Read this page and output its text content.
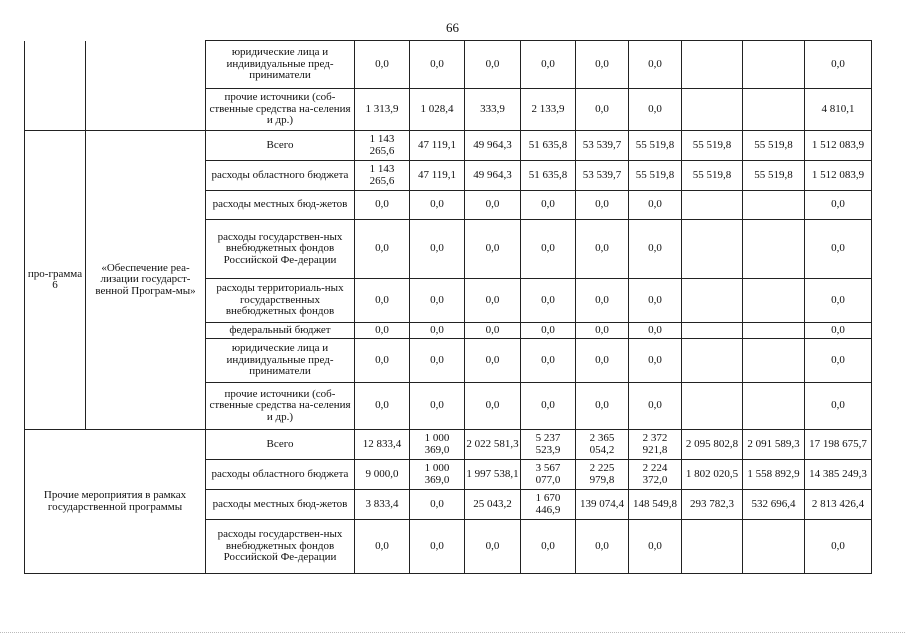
66
		юридические лица и индивидуальные пред-приниматели	0,0	0,0	0,0	0,0	0,0	0,0			0,0
		прочие источники (соб-ственные средства на-селения и др.)	1 313,9	1 028,4	333,9	2 133,9	0,0	0,0			4 810,1
про-грамма 6	«Обеспечение реа-лизации государст-венной Програм-мы»	Всего	1 143 265,6	47 119,1	49 964,3	51 635,8	53 539,7	55 519,8	55 519,8	55 519,8	1 512 083,9
		расходы областного бюджета	1 143 265,6	47 119,1	49 964,3	51 635,8	53 539,7	55 519,8	55 519,8	55 519,8	1 512 083,9
		расходы местных бюд-жетов	0,0	0,0	0,0	0,0	0,0	0,0			0,0
		расходы государствен-ных внебюджетных фондов Российской Фе-дерации	0,0	0,0	0,0	0,0	0,0	0,0			0,0
		расходы территориаль-ных государственных внебюджетных фондов	0,0	0,0	0,0	0,0	0,0	0,0			0,0
		федеральный бюджет	0,0	0,0	0,0	0,0	0,0	0,0			0,0
		юридические лица и индивидуальные пред-приниматели	0,0	0,0	0,0	0,0	0,0	0,0			0,0
		прочие источники (соб-ственные средства на-селения и др.)	0,0	0,0	0,0	0,0	0,0	0,0			0,0
Прочие мероприятия в рамках государственной программы		Всего	12 833,4	1 000 369,0	2 022 581,3	5 237 523,9	2 365 054,2	2 372 921,8	2 095 802,8	2 091 589,3	17 198 675,7
		расходы областного бюджета	9 000,0	1 000 369,0	1 997 538,1	3 567 077,0	2 225 979,8	2 224 372,0	1 802 020,5	1 558 892,9	14 385 249,3
		расходы местных бюд-жетов	3 833,4	0,0	25 043,2	1 670 446,9	139 074,4	148 549,8	293 782,3	532 696,4	2 813 426,4
		расходы государствен-ных внебюджетных фондов Российской Фе-дерации	0,0	0,0	0,0	0,0	0,0	0,0			0,0
